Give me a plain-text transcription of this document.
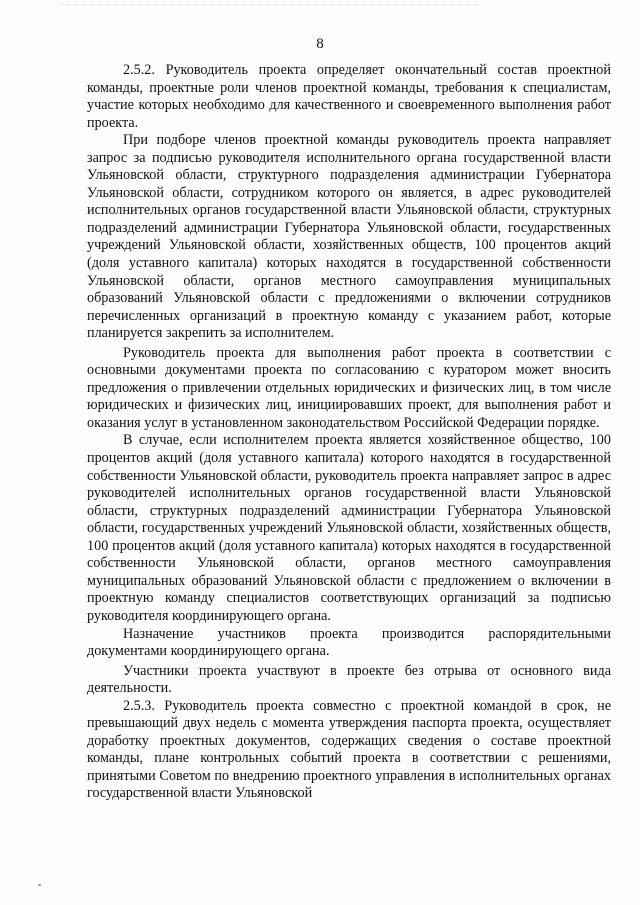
8

2.5.2. Руководитель проекта определяет окончательный состав проектной команды, проектные роли членов проектной команды, требования к специалистам, участие которых необходимо для качественного и своевременного выполнения работ проекта.

При подборе членов проектной команды руководитель проекта направляет запрос за подписью руководителя исполнительного органа государственной власти Ульяновской области, структурного подразделения администрации Губернатора Ульяновской области, сотрудником которого он является, в адрес руководителей исполнительных органов государственной власти Ульяновской области, структурных подразделений администрации Губернатора Ульяновской области, государственных учреждений Ульяновской области, хозяйственных обществ, 100 процентов акций (доля уставного капитала) которых находятся в государственной собственности Ульяновской области, органов местного самоуправления муниципальных образований Ульяновской области с предложениями о включении сотрудников перечисленных организаций в проектную команду с указанием работ, которые планируется закрепить за исполнителем.

Руководитель проекта для выполнения работ проекта в соответствии с основными документами проекта по согласованию с куратором может вносить предложения о привлечении отдельных юридических и физических лиц, в том числе юридических и физических лиц, инициировавших проект, для выполнения работ и оказания услуг в установленном законодательством Российской Федерации порядке.

В случае, если исполнителем проекта является хозяйственное общество, 100 процентов акций (доля уставного капитала) которого находятся в государственной собственности Ульяновской области, руководитель проекта направляет запрос в адрес руководителей исполнительных органов государственной власти Ульяновской области, структурных подразделений администрации Губернатора Ульяновской области, государственных учреждений Ульяновской области, хозяйственных обществ, 100 процентов акций (доля уставного капитала) которых находятся в государственной собственности Ульяновской области, органов местного самоуправления муниципальных образований Ульяновской области с предложением о включении в проектную команду специалистов соответствующих организаций за подписью руководителя координирующего органа.

Назначение участников проекта производится распорядительными документами координирующего органа.

Участники проекта участвуют в проекте без отрыва от основного вида деятельности.

2.5.3. Руководитель проекта совместно с проектной командой в срок, не превышающий двух недель с момента утверждения паспорта проекта, осуществляет доработку проектных документов, содержащих сведения о составе проектной команды, плане контрольных событий проекта в соответствии с решениями, принятыми Советом по внедрению проектного управления в исполнительных органах государственной власти Ульяновской
